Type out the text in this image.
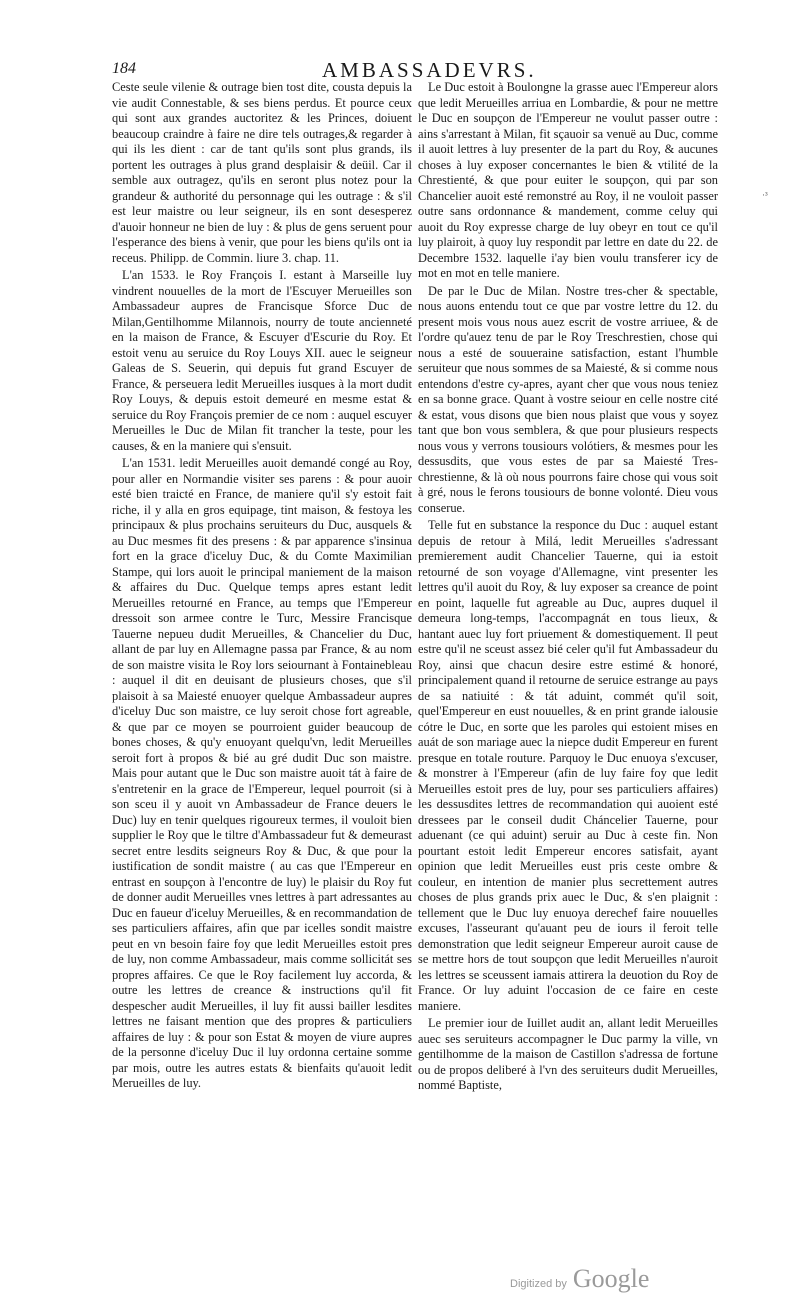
184	AMBASSADEVRS.

Ceste seule vilenie & outrage bien tost dite, cousta depuis la vie audit Connestable, & ses biens perdus. Et pource ceux qui sont aux grandes auctoritez & les Princes, doiuent beaucoup craindre à faire ne dire tels outrages,& regarder à qui ils les dient : car de tant qu'ils sont plus grands, ils portent les outrages à plus grand desplaisir & deüil. Car il semble aux outragez, qu'ils en seront plus notez pour la grandeur & authorité du personnage qui les outrage : & s'il est leur maistre ou leur seigneur, ils en sont desesperez d'auoir honneur ne bien de luy : & plus de gens seruent pour l'esperance des biens à venir, que pour les biens qu'ils ont ia receus. Philipp. de Commin. liure 3. chap. 11.

L'an 1533. le Roy François I. estant à Marseille luy vindrent nouuelles de la mort de l'Escuyer Merueilles son Ambassadeur aupres de Francisque Sforce Duc de Milan,Gentilhomme Milannois, nourry de toute ancienneté en la maison de France, & Escuyer d'Escurie du Roy. Et estoit venu au seruice du Roy Louys XII. auec le seigneur Galeas de S. Seuerin, qui depuis fut grand Escuyer de France, & perseuera ledit Merueilles iusques à la mort dudit Roy Louys, & depuis estoit demeuré en mesme estat & seruice du Roy François premier de ce nom : auquel escuyer Merueilles le Duc de Milan fit trancher la teste, pour les causes, & en la maniere qui s'ensuit.

L'an 1531. ledit Merueilles auoit demandé congé au Roy, pour aller en Normandie visiter ses parens : & pour auoir esté bien traicté en France, de maniere qu'il s'y estoit fait riche, il y alla en gros equipage, tint maison, & festoya les principaux & plus prochains seruiteurs du Duc, ausquels & au Duc mesmes fit des presens : & par apparence s'insinua fort en la grace d'iceluy Duc, & du Comte Maximilian Stampe, qui lors auoit le principal maniement de la maison & affaires du Duc. Quelque temps apres estant ledit Merueilles retourné en France, au temps que l'Empereur dressoit son armee contre le Turc, Messire Francisque Tauerne nepueu dudit Merueilles, & Chancelier du Duc, allant de par luy en Allemagne passa par France, & au nom de son maistre visita le Roy lors seiournant à Fontainebleau : auquel il dit en deuisant de plusieurs choses, que s'il plaisoit à sa Maiesté enuoyer quelque Ambassadeur aupres d'iceluy Duc son maistre, ce luy seroit chose fort agreable, & que par ce moyen se pourroient guider beaucoup de bones choses, & qu'y enuoyant quelqu'vn, ledit Merueilles seroit fort à propos & bié au gré dudit Duc son maistre. Mais pour autant que le Duc son maistre auoit tát à faire de s'entretenir en la grace de l'Empereur, lequel pourroit (si à son sceu il y auoit vn Ambassadeur de France deuers le Duc) luy en tenir quelques rigoureux termes, il vouloit bien supplier le Roy que le tiltre d'Ambassadeur fut & demeurast secret entre lesdits seigneurs Roy & Duc, & que pour la iustification de sondit maistre ( au cas que l'Empereur en entrast en soupçon à l'encontre de luy) le plaisir du Roy fut de donner audit Merueilles vnes lettres à part adressantes au Duc en faueur d'iceluy Merueilles, & en recommandation de ses particuliers affaires, afin que par icelles sondit maistre peut en vn besoin faire foy que ledit Merueilles estoit pres de luy, non comme Ambassadeur, mais comme sollicitát ses propres affaires. Ce que le Roy facilement luy accorda, & outre les lettres de creance & instructions qu'il fit despescher audit Merueilles, il luy fit aussi bailler lesdites lettres ne faisant mention que des propres & particuliers affaires de luy : & pour son Estat & moyen de viure aupres de la personne d'iceluy Duc il luy ordonna certaine somme par mois, outre les autres estats & bienfaits qu'auoit ledit Merueilles de luy.

Le Duc estoit à Boulongne la grasse auec l'Empereur alors que ledit Merueilles arriua en Lombardie, & pour ne mettre le Duc en soupçon de l'Empereur ne voulut passer outre : ains s'arrestant à Milan, fit sçauoir sa venuë au Duc, comme il auoit lettres à luy presenter de la part du Roy, & aucunes choses à luy exposer concernantes le bien & vtilité de la Chrestienté, & que pour euiter le soupçon, qui par son Chancelier auoit esté remonstré au Roy, il ne vouloit passer outre sans ordonnance & mandement, comme celuy qui auoit du Roy expresse charge de luy obeyr en tout ce qu'il luy plairoit, à quoy luy respondit par lettre en date du 22. de Decembre 1532. laquelle i'ay bien voulu transferer icy de mot en mot en telle maniere.

De par le Duc de Milan. Nostre tres-cher & spectable, nous auons entendu tout ce que par vostre lettre du 12. du present mois vous nous auez escrit de vostre arriuee, & de l'ordre qu'auez tenu de par le Roy Treschrestien, chose qui nous a esté de souueraine satisfaction, estant l'humble seruiteur que nous sommes de sa Maiesté, & si comme nous entendons d'estre cy-apres, ayant cher que vous nous teniez en sa bonne grace. Quant à vostre seiour en celle nostre cité & estat, vous disons que bien nous plaist que vous y soyez tant que bon vous semblera, & que pour plusieurs respects nous vous y verrons tousiours volótiers, & mesmes pour les dessusdits, que vous estes de par sa Maiesté Tres-chrestienne, & là où nous pourrons faire chose qui vous soit à gré, nous le ferons tousiours de bonne volonté. Dieu vous conserue.

Telle fut en substance la responce du Duc : auquel estant depuis de retour à Milá, ledit Merueilles s'adressant premierement audit Chancelier Tauerne, qui ia estoit retourné de son voyage d'Allemagne, vint presenter les lettres qu'il auoit du Roy, & luy exposer sa creance de point en point, laquelle fut agreable au Duc, aupres duquel il demeura long-temps, l'accompagnát en tous lieux, & hantant auec luy fort priuement & domestiquement. Il peut estre qu'il ne sceust assez bié celer qu'il fut Ambassadeur du Roy, ainsi que chacun desire estre estimé & honoré, principalement quand il retourne de seruice estrange au pays de sa natiuité : & tát aduint, commét qu'il soit, quel'Empereur en eust nouuelles, & en print grande ialousie cótre le Duc, en sorte que les paroles qui estoient mises en auát de son mariage auec la niepce dudit Empereur en furent presque en totale routure. Parquoy le Duc enuoya s'excuser, & monstrer à l'Empereur (afin de luy faire foy que ledit Merueilles estoit pres de luy, pour ses particuliers affaires) les dessusdites lettres de recommandation qui auoient esté dressees par le conseil dudit Cháncelier Tauerne, pour aduenant (ce qui aduint) seruir au Duc à ceste fin. Non pourtant estoit ledit Empereur encores satisfait, ayant opinion que ledit Merueilles eust pris ceste ombre & couleur, en intention de manier plus secrettement autres choses de plus grands prix auec le Duc, & s'en plaignit : tellement que le Duc luy enuoya derechef faire nouuelles excuses, l'asseurant qu'auant peu de iours il feroit telle demonstration que ledit seigneur Empereur auroit cause de se mettre hors de tout soupçon que ledit Merueilles n'auroit les lettres se sceussent iamais attirera la deuotion du Roy de France. Or luy aduint l'occasion de ce faire en ceste maniere.

Le premier iour de Iuillet audit an, allant ledit Merueilles auec ses seruiteurs accompagner le Duc parmy la ville, vn gentilhomme de la maison de Castillon s'adressa de fortune ou de propos deliberé à l'vn des seruiteurs dudit Merueilles, nommé Baptiste,

·³
Digitized by Google
